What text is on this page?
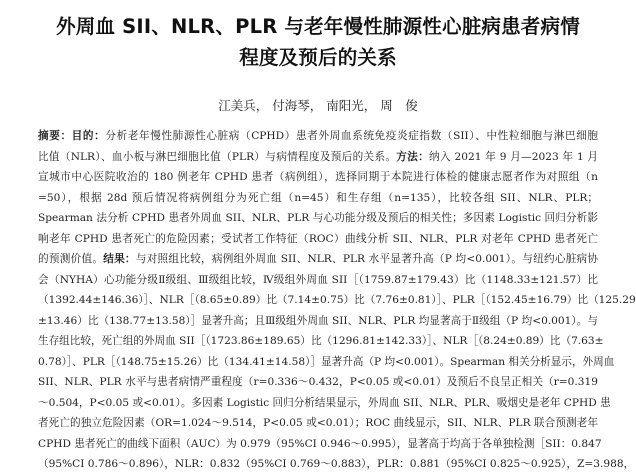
外周血 SII、NLR、PLR 与老年慢性肺源性心脏病患者病情
程度及预后的关系
江美兵， 付海琴， 南阳光， 周　俊
摘要：目的：分析老年慢性肺源性心脏病（CPHD）患者外周血系统免疫炎症指数（SII）、中性粒细胞与淋巴细胞
比值（NLR）、血小板与淋巴细胞比值（PLR）与病情程度及预后的关系。方法：纳入 2021 年 9 月—2023 年 1 月
宣城市中心医院收治的 180 例老年 CPHD 患者（病例组），选择同期于本院进行体检的健康志愿者作为对照组（n
=50），根据 28d 预后情况将病例组分为死亡组（n=45）和生存组（n=135），比较各组 SII、NLR、PLR；
Spearman 法分析 CPHD 患者外周血 SII、NLR、PLR 与心功能分级及预后的相关性；多因素 Logistic 回归分析影
响老年 CPHD 患者死亡的危险因素；受试者工作特征（ROC）曲线分析 SII、NLR、PLR 对老年 CPHD 患者死亡
的预测价值。结果：与对照组比较，病例组外周血 SII、NLR、PLR 水平显著升高（P 均<0.001）。与纽约心脏病协
会（NYHA）心功能分级Ⅱ级组、Ⅲ级组比较，Ⅳ级组外周血 SII［（1759.87±179.43）比（1148.33±121.57）比
（1392.44±146.36）］、NLR［（8.65±0.89）比（7.14±0.75）比（7.76±0.81）］、PLR［（152.45±16.79）比（125.29
±13.46）比（138.77±13.58）］显著升高；且Ⅲ级组外周血 SII、NLR、PLR 均显著高于Ⅱ级组（P 均<0.001）。与
生存组比较，死亡组的外周血 SII［（1723.86±189.65）比（1296.81±142.33）］、NLR［（8.24±0.89）比（7.63±
0.78）］、PLR［（148.75±15.26）比（134.41±14.58）］显著升高（P 均<0.001）。Spearman 相关分析显示，外周血
SII、NLR、PLR 水平与患者病情严重程度（r=0.336～0.432，P<0.05 或<0.01）及预后不良呈正相关（r=0.319
～0.504，P<0.05 或<0.01）。多因素 Logistic 回归分析结果显示，外周血 SII、NLR、PLR、吸烟史是老年 CPHD 患
者死亡的独立危险因素（OR=1.024～9.514，P<0.05 或<0.01）；ROC 曲线显示，SII、NLR、PLR 联合预测老年
CPHD 患者死亡的曲线下面积（AUC）为 0.979（95%CI 0.946～0.995），显著高于均高于各单独检测［SII：0.847
（95%CI 0.786～0.896），NLR：0.832（95%CI 0.769～0.883），PLR：0.881（95%CI 0.825～0.925），Z=3.988，
